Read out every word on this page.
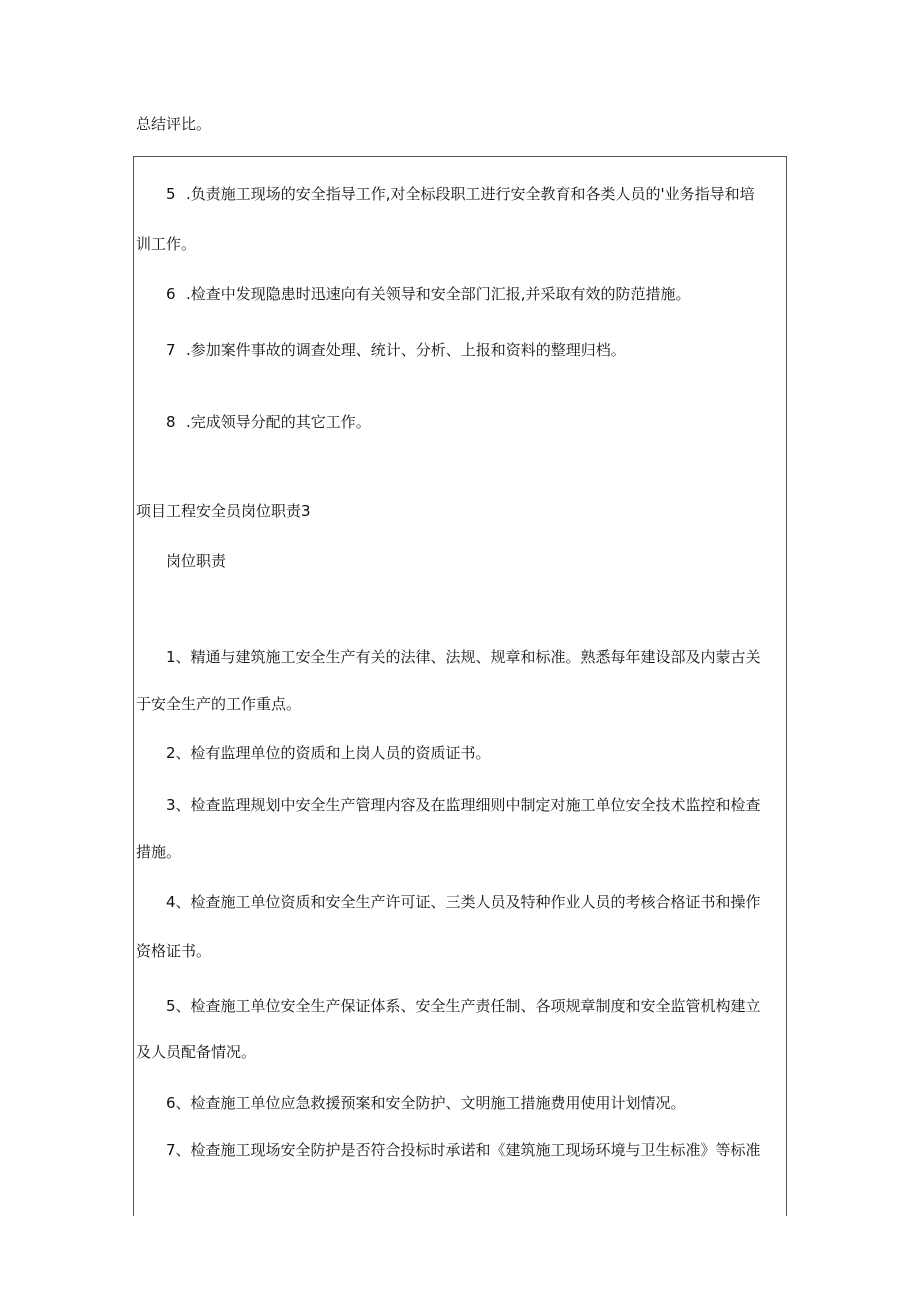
总结评比。
5 .负责施工现场的安全指导工作,对全标段职工进行安全教育和各类人员的'业务指导和培
训工作。
6 .检查中发现隐患时迅速向有关领导和安全部门汇报,并采取有效的防范措施。
7 .参加案件事故的调查处理、统计、分析、上报和资料的整理归档。
8 .完成领导分配的其它工作。
项目工程安全员岗位职责3
岗位职责
1、精通与建筑施工安全生产有关的法律、法规、规章和标准。熟悉每年建设部及内蒙古关
于安全生产的工作重点。
2、检有监理单位的资质和上岗人员的资质证书。
3、检查监理规划中安全生产管理内容及在监理细则中制定对施工单位安全技术监控和检查
措施。
4、检查施工单位资质和安全生产许可证、三类人员及特种作业人员的考核合格证书和操作
资格证书。
5、检查施工单位安全生产保证体系、安全生产责任制、各项规章制度和安全监管机构建立
及人员配备情况。
6、检查施工单位应急救援预案和安全防护、文明施工措施费用使用计划情况。
7、检查施工现场安全防护是否符合投标时承诺和《建筑施工现场环境与卫生标准》等标准
